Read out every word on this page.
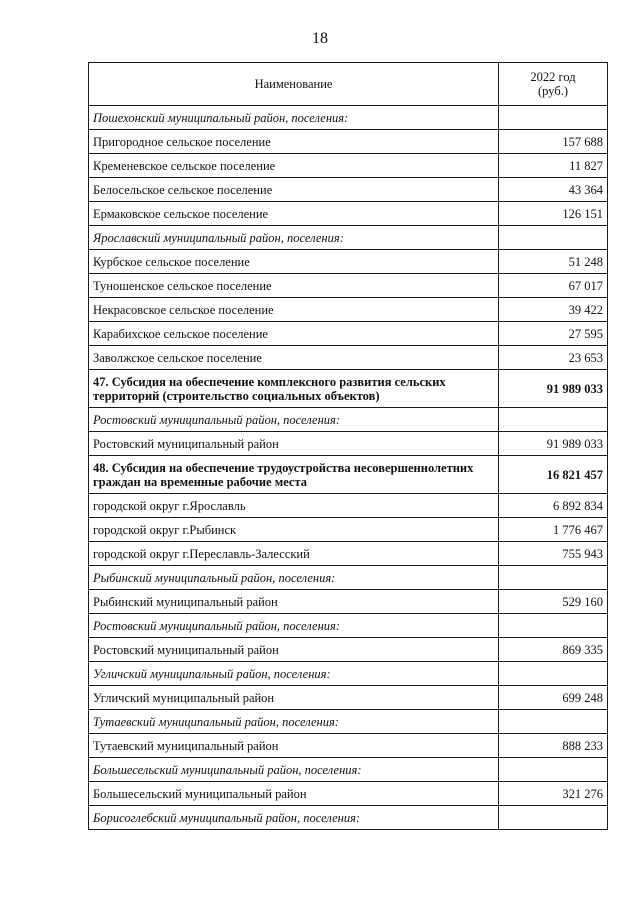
18
Наименование	2022 год
(руб.)
Пошехонский муниципальный район, поселения:	
Пригородное сельское поселение	157 688
Кременевское сельское поселение	11 827
Белосельское сельское поселение	43 364
Ермаковское сельское поселение	126 151
Ярославский муниципальный район, поселения:	
Курбское сельское поселение	51 248
Туношенское сельское поселение	67 017
Некрасовское сельское поселение	39 422
Карабихское сельское поселение	27 595
Заволжское сельское поселение	23 653
47. Субсидия на обеспечение комплексного развития сельских территорий (строительство социальных объектов)	91 989 033
Ростовский муниципальный район, поселения:	
Ростовский муниципальный район	91 989 033
48. Субсидия на обеспечение трудоустройства несовершеннолетних граждан на временные рабочие места	16 821 457
городской округ г.Ярославль	6 892 834
городской округ г.Рыбинск	1 776 467
городской округ г.Переславль-Залесский	755 943
Рыбинский муниципальный район, поселения:	
Рыбинский муниципальный район	529 160
Ростовский муниципальный район, поселения:	
Ростовский муниципальный район	869 335
Угличский муниципальный район, поселения:	
Угличский муниципальный район	699 248
Тутаевский муниципальный район, поселения:	
Тутаевский муниципальный район	888 233
Большесельский муниципальный район, поселения:	
Большесельский муниципальный район	321 276
Борисоглебский муниципальный район, поселения:	
